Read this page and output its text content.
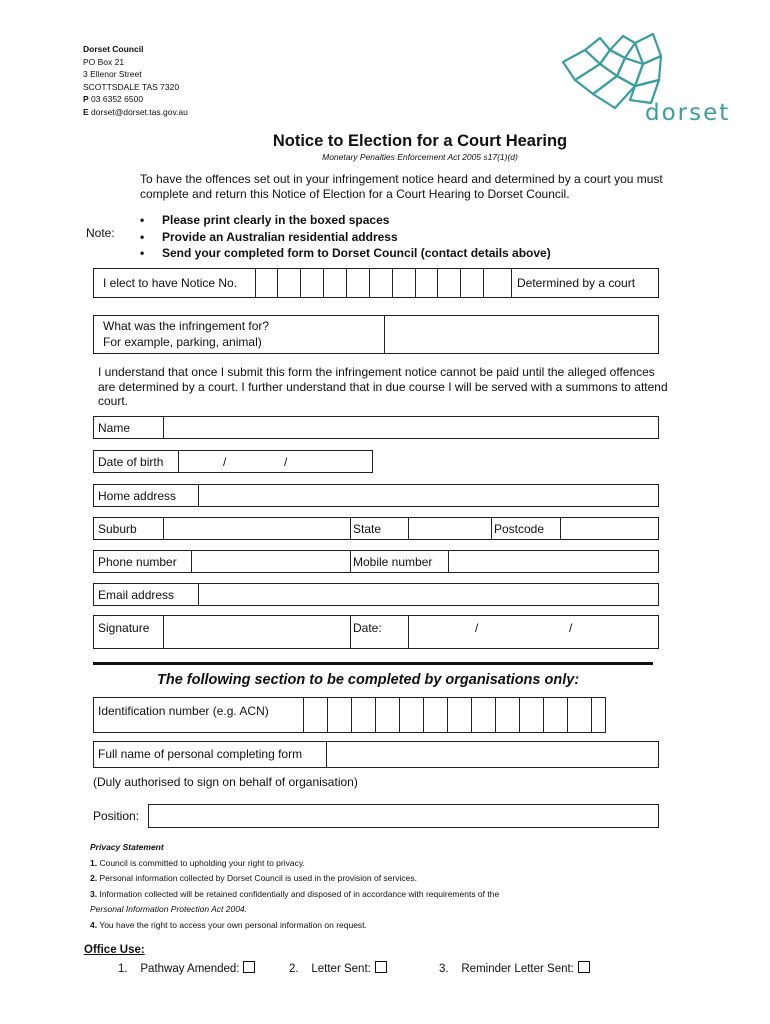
Dorset Council
PO Box 21
3 Ellenor Street
SCOTTSDALE TAS 7320
P 03 6352 6500
E dorset@dorset.tas.gov.au	dorset
Notice to Election for a Court Hearing
Monetary Penalties Enforcement Act 2005 s17(1)(d)
To have the offences set out in your infringement notice heard and determined by a court you must complete and return this Notice of Election for a Court Hearing to Dorset Council.
Note:
• Please print clearly in the boxed spaces
• Provide an Australian residential address
• Send your completed form to Dorset Council (contact details above)
I elect to have Notice No.	Determined by a court
What was the infringement for?
For example, parking, animal)
I understand that once I submit this form the infringement notice cannot be paid until the alleged offences are determined by a court. I further understand that in due course I will be served with a summons to attend court.
Name
Date of birth	/	/
Home address
Suburb	State	Postcode
Phone number	Mobile number
Email address
Signature	Date:	/	/
The following section to be completed by organisations only:
Identification number (e.g. ACN)
Full name of personal completing form
(Duly authorised to sign on behalf of organisation)
Position:
Privacy Statement
1. Council is committed to upholding your right to privacy.
2. Personal information collected by Dorset Council is used in the provision of services.
3. Information collected will be retained confidentially and disposed of in accordance with requirements of the
Personal Information Protection Act 2004.
4. You have the right to access your own personal information on request.
Office Use:
1. Pathway Amended:	2. Letter Sent:	3. Reminder Letter Sent:
